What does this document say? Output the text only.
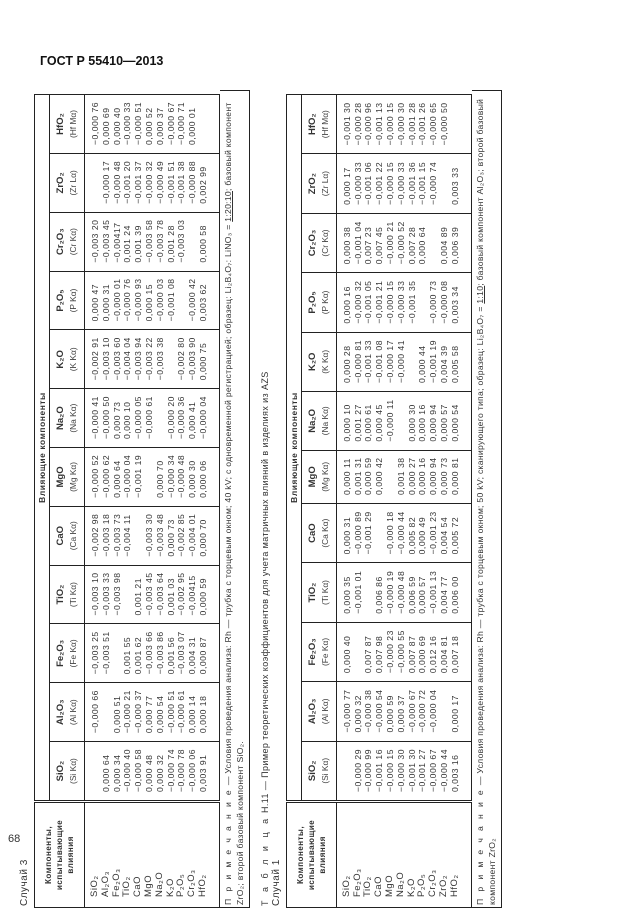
ГОСТ Р 55410—2013
68
Случай 3 Компоненты, испытывающие влияния	Влияющие компоненты											

	SiO₂ (Si Kα)	Al₂O₃ (Al Kα)	Fe₂O₃ (Fe Kα)	TiO₂ (Ti Kα)	CaO (Ca Kα)	MgO (Mg Kα)	Na₂O (Na Kα)	K₂O (K Kα)	P₂O₅ (P Kα)	Cr₂O₃ (Cr Kα)	ZrO₂ (Zr Lα)	HfO₂ (Hf Mα)

SiO₂		−0,000 66	−0,003 25	−0,003 10	−0,002 98	−0,000 52	−0,000 41	−0,002 91	0,000 47	−0,003 20		−0,000 76
Al₂O₃	0,000 64		−0,003 51	−0,003 33	−0,003 18	−0,000 62	−0,000 50	−0,003 10	0,000 31	−0,003 45	−0,000 17	0,000 69
Fe₂O₃	0,000 34	0,000 51		−0,003 98	−0,003 73	0,000 64	0,000 73	−0,003 60	−0,000 01	−0,00417	−0,000 48	0,000 40
TiO₂	−0,000 40	−0,000 21	0,001 55		−0,004 11	−0,000 04	0,000 10	−0,004 04	−0,000 76	0,001 24	−0,001 20	−0,000 33
CaO	−0,000 58	−0,000 37	0,001 62	0,001 21		−0,001 19	−0,000 05	−0,003 94	−0,000 93	0,001 39	−0,001 37	−0,000 51
MgO	0,000 48	0,000 77	−0,003 66	−0,003 45	−0,003 30		−0,000 61	−0,003 22	0,000 15	−0,003 58	−0,000 32	0,000 52
Na₂O	0,000 32	0,000 54	−0,003 86	−0,003 64	−0,003 48	0,000 70		−0,003 38	−0,000 03	−0,003 78	−0,000 49	0,000 37
K₂O	−0,000 74	−0,000 51	0,001 56	0,001 03	0,000 73	−0,000 34	−0,000 20		−0,001 08	0,001 28	−0,001 51	−0,000 67
P₂O₅	−0,000 78	−0,000 61	−0,003 07	−0,002 95	−0,002 85	−0,000 48	−0,000 36	−0,002 80		−0,003 03	−0,001 38	−0,000 71
Cr₂O₃	−0,000 06	0,000 14	0,004 31	−0,00415	−0,004 01	0,000 30	0,000 41	−0,003 90	−0,000 42		−0,000 88	0,000 01
HfO₂	0,003 91	0,000 18	0,000 87	0,000 59	0,000 70	0,000 06	−0,000 04	0,000 75	0,003 62	0,000 58	0,002 99	
П р и м е ч а н и е — Условия проведения анализа: Rh — трубка с торцевым окном; 40 kV; с одновременной регистрацией; образец: Li₂B₄O₇: LiNO₃ = 1:20:10; базовый компонент ZrO₂; второй базовый компонент SiO₂.	Т а б л и ц а Н.11 — Пример теоретических коэффициентов для учета матричных влияний в изделиях из AZS
Случай 1 Компоненты, испытывающие влияния	Влияющие компоненты											

	SiO₂ (Si Kα)	Al₂O₃ (Al Kα)	Fe₂O₃ (Fe Kα)	TiO₂ (Ti Kα)	CaO (Ca Kα)	MgO (Mg Kα)	Na₂O (Na Kα)	K₂O (K Kα)	P₂O₅ (P Kα)	Cr₂O₃ (Cr Kα)	ZrO₂ (Zr Lα)	HfO₂ (Hf Mα)

SiO₂		−0,000 77	0,000 40	0,000 35	0,000 31	0,000 11	0,000 10	0,000 28	0,000 16	0,000 38	0,000 17	−0,001 30
Fe₂O₃	−0,000 29	0,000 32		−0,001 01	−0,000 89	0,001 31	0,001 27	−0,000 81	−0,000 32	−0,001 04	−0,000 33	−0,000 28
TiO₂	−0,000 99	−0,000 38	0,007 87		−0,001 29	0,000 59	0,000 61	−0,001 33	−0,001 05	0,007 23	−0,001 06	−0,000 96
CaO	−0,001 16	−0,000 54	0,007 98	0,006 86		0,000 42	0,000 45	−0,001 08	−0,001 21	0,007 45	−0,001 22	−0,001 13
MgO	−0,000 15	0,000 59	−0,000 23	−0,000 19	−0,000 18		−0,000 11	−0,000 17	−0,000 15	−0,000 21	−0,000 15	−0,000 15
Na₂O	−0,000 30	0,000 37	−0,000 55	−0,000 48	−0,000 44	0,001 38		−0,000 41	−0,000 33	−0,000 52	−0,000 33	−0,000 30
K₂O	−0,001 30	−0,000 67	0,007 87	0,006 59	0,005 82	0,000 27	0,000 30		−0,001 35	0,007 28	−0,001 36	−0,001 28
P₂O₅	−0,001 27	−0,000 72	0,000 69	0,000 57	0,000 49	0,000 16	0,000 16	0,000 44		0,000 64	−0,001 15	−0,001 26
Cr₂O₃	−0,000 67	−0,000 04	0,012 16	−0,001 13	−0,001 23	0,000 94	0,000 94	−0,001 19	−0,000 73		−0,000 74	−0,000 65
ZrO₂	−0,000 44		0,004 81	0,004 77	0,004 54	0,000 73	0,000 57	0,004 39	−0,000 08	0,004 89		−0,000 50
HfO₂	0,003 16	0,000 17	0,007 18	0,006 00	0,005 72	0,000 81	0,000 54	0,005 58	0,003 34	0,006 39	0,003 33	
П р и м е ч а н и е — Условия проведения анализа: Rh — трубка с торцевым окном; 50 kV; сканирующего типа; образец: Li₂B₄O₇ = 1:10; базовый компонент Al₂O₃; второй базовый компонент ZrO₂
